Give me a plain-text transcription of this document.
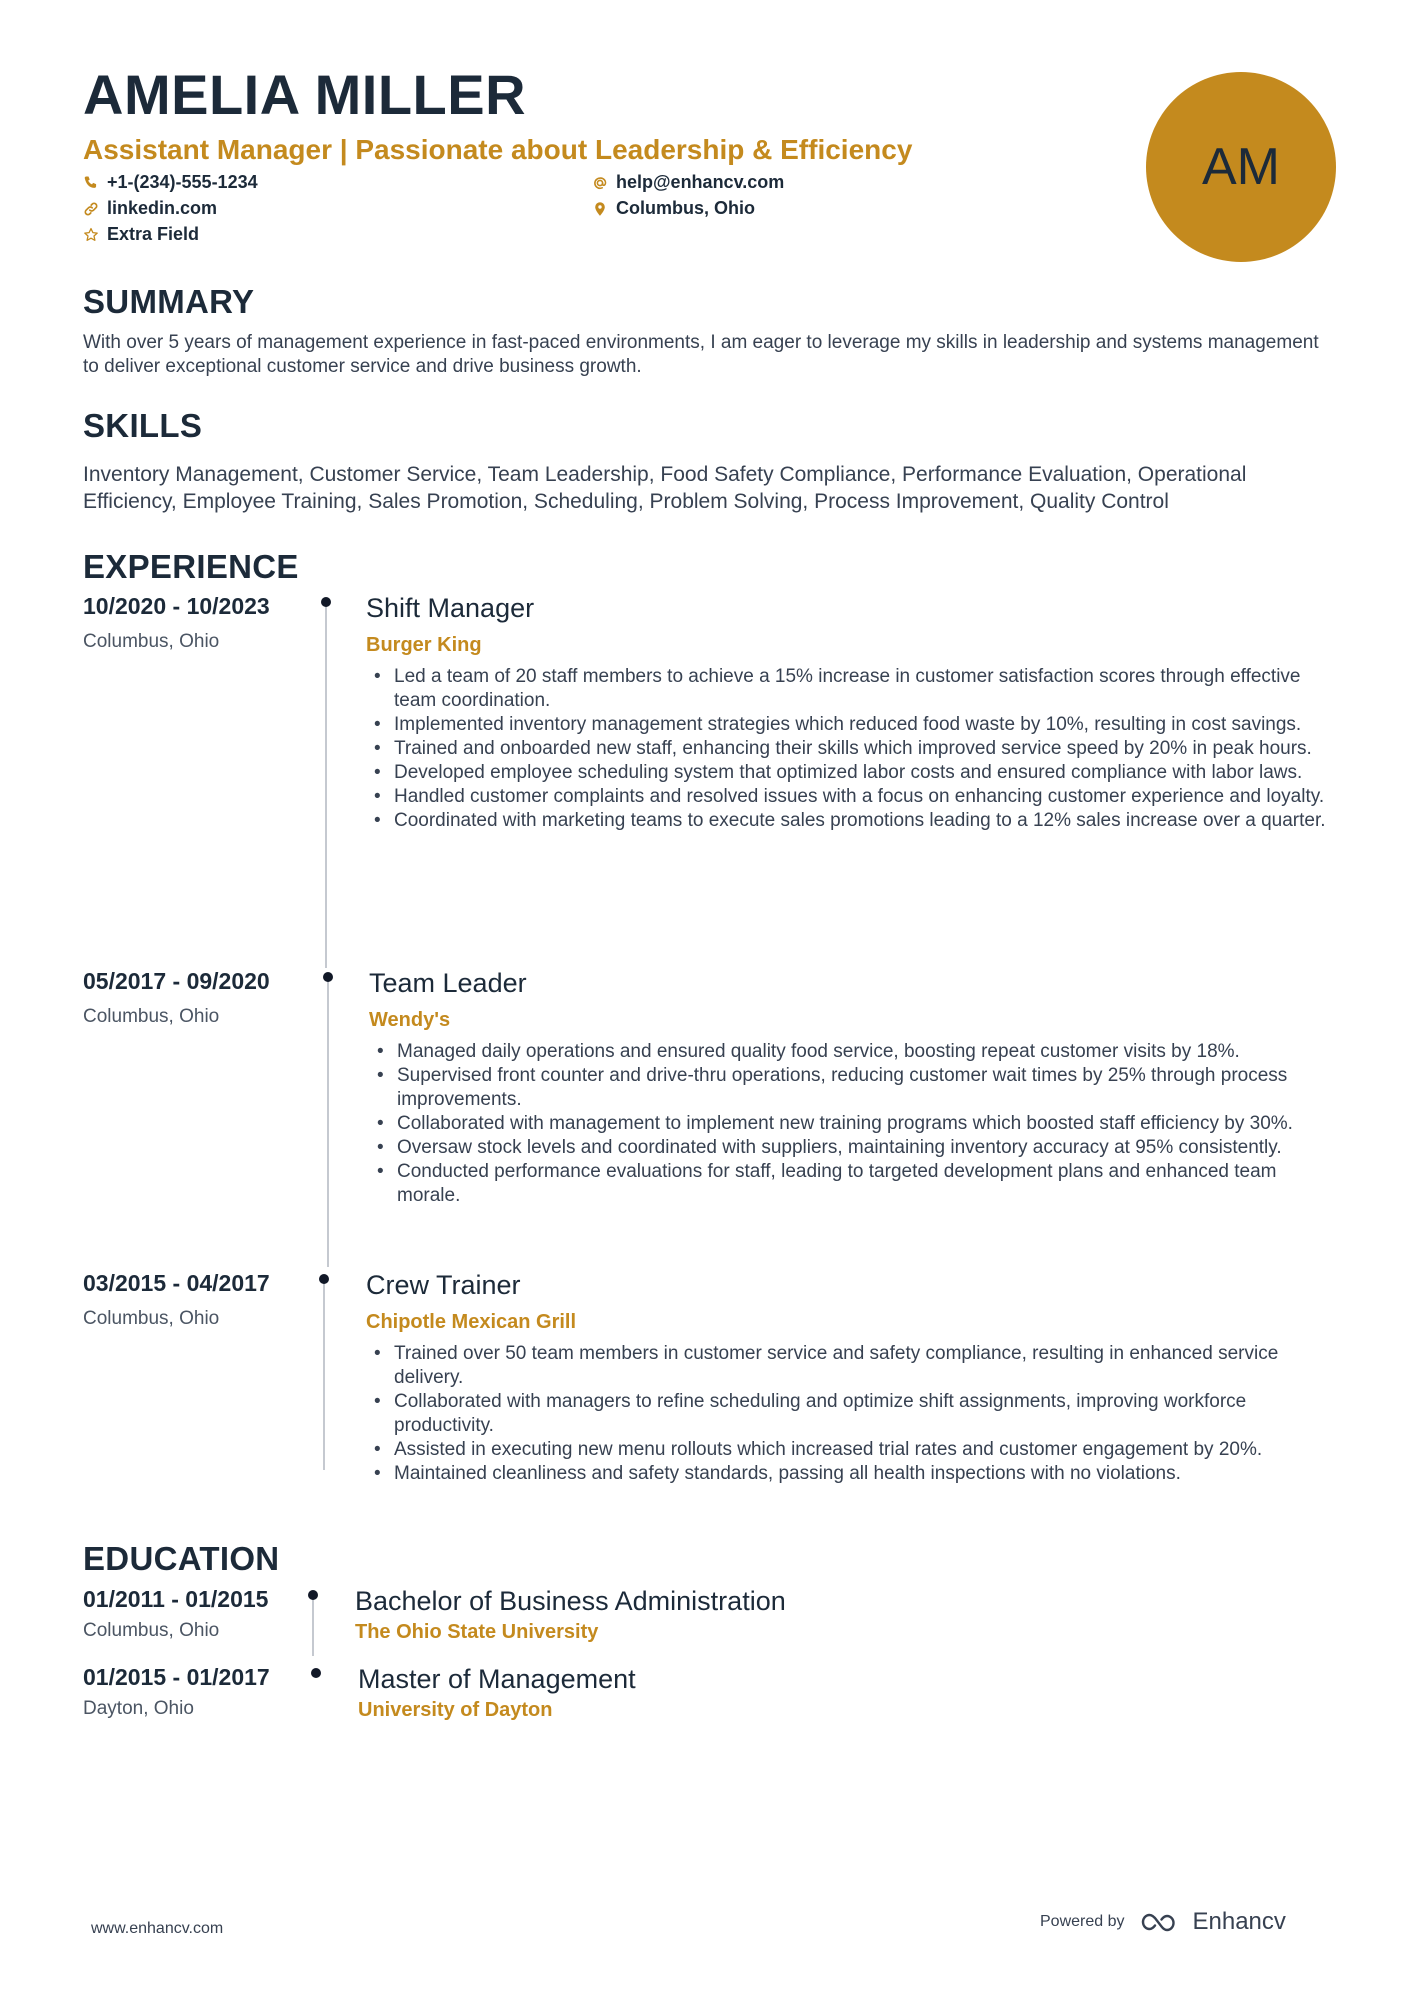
AMELIA MILLER

Assistant Manager | Passionate about Leadership & Efficiency

+1-(234)-555-1234	help@enhancv.com
linkedin.com	Columbus, Ohio
Extra Field
AM
SUMMARY

With over 5 years of management experience in fast-paced environments, I am eager to leverage my skills in leadership and systems management to deliver exceptional customer service and drive business growth.

SKILLS

Inventory Management, Customer Service, Team Leadership, Food Safety Compliance, Performance Evaluation, Operational Efficiency, Employee Training, Sales Promotion, Scheduling, Problem Solving, Process Improvement, Quality Control

EXPERIENCE
10/2020 - 10/2023
Columbus, Ohio
Shift Manager
Burger King
• Led a team of 20 staff members to achieve a 15% increase in customer satisfaction scores through effective team coordination.
• Implemented inventory management strategies which reduced food waste by 10%, resulting in cost savings.
• Trained and onboarded new staff, enhancing their skills which improved service speed by 20% in peak hours.
• Developed employee scheduling system that optimized labor costs and ensured compliance with labor laws.
• Handled customer complaints and resolved issues with a focus on enhancing customer experience and loyalty.
• Coordinated with marketing teams to execute sales promotions leading to a 12% sales increase over a quarter.
05/2017 - 09/2020
Columbus, Ohio
Team Leader
Wendy's
• Managed daily operations and ensured quality food service, boosting repeat customer visits by 18%.
• Supervised front counter and drive-thru operations, reducing customer wait times by 25% through process improvements.
• Collaborated with management to implement new training programs which boosted staff efficiency by 30%.
• Oversaw stock levels and coordinated with suppliers, maintaining inventory accuracy at 95% consistently.
• Conducted performance evaluations for staff, leading to targeted development plans and enhanced team morale.
03/2015 - 04/2017
Columbus, Ohio
Crew Trainer
Chipotle Mexican Grill
• Trained over 50 team members in customer service and safety compliance, resulting in enhanced service delivery.
• Collaborated with managers to refine scheduling and optimize shift assignments, improving workforce productivity.
• Assisted in executing new menu rollouts which increased trial rates and customer engagement by 20%.
• Maintained cleanliness and safety standards, passing all health inspections with no violations.
EDUCATION
01/2011 - 01/2015
Columbus, Ohio
Bachelor of Business Administration
The Ohio State University
01/2015 - 01/2017
Dayton, Ohio
Master of Management
University of Dayton
www.enhancv.com	Powered by	Enhancv
